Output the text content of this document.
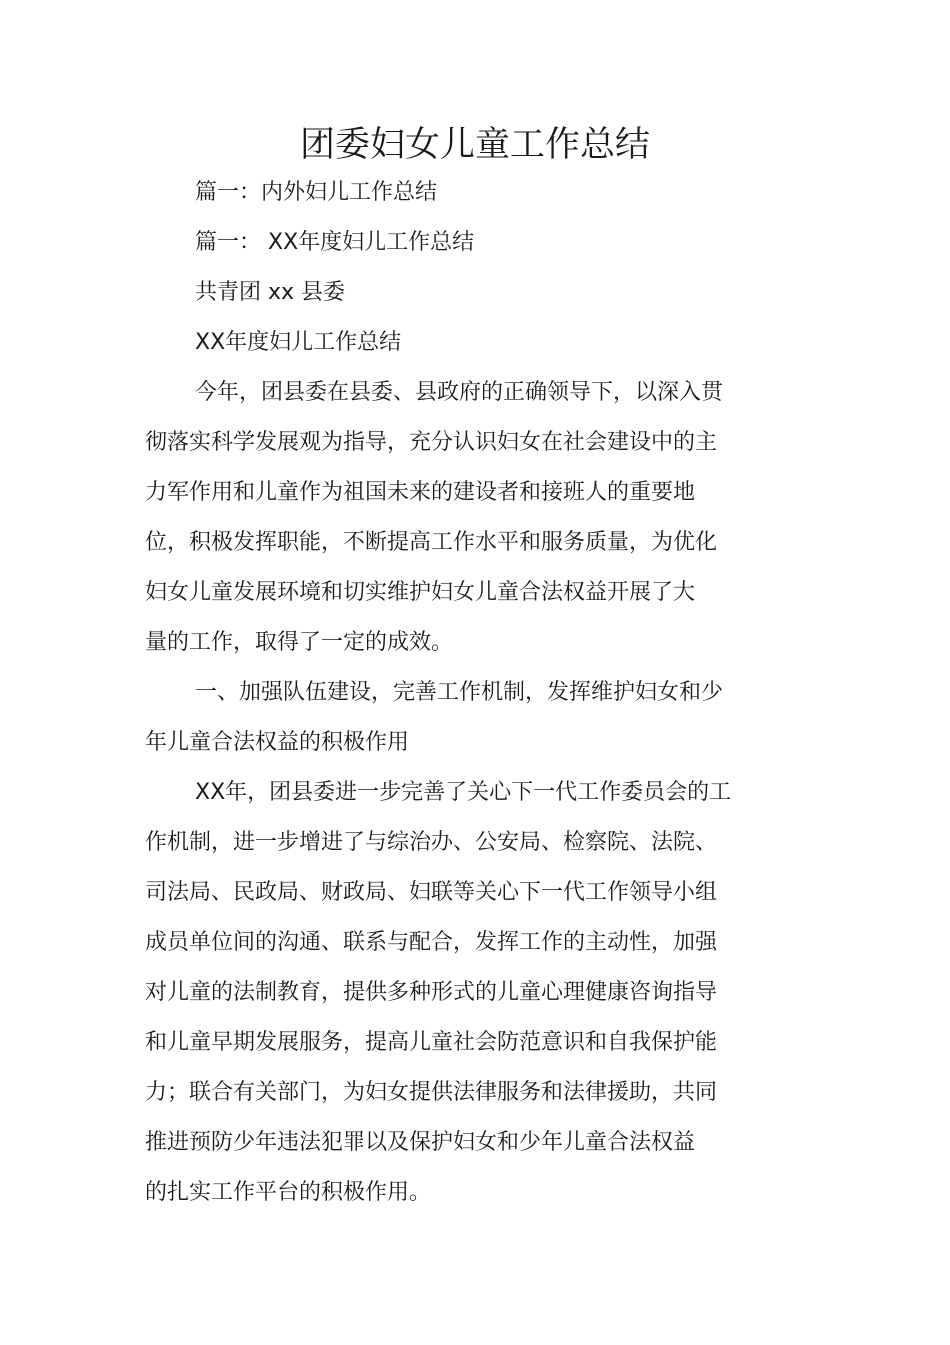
团委妇女儿童工作总结
篇一：内外妇儿工作总结
篇一： XX年度妇儿工作总结
共青团 xx 县委
XX年度妇儿工作总结
今年，团县委在县委、县政府的正确领导下，以深入贯
彻落实科学发展观为指导，充分认识妇女在社会建设中的主
力军作用和儿童作为祖国未来的建设者和接班人的重要地
位，积极发挥职能，不断提高工作水平和服务质量，为优化
妇女儿童发展环境和切实维护妇女儿童合法权益开展了大
量的工作，取得了一定的成效。
一、加强队伍建设，完善工作机制，发挥维护妇女和少
年儿童合法权益的积极作用
XX年，团县委进一步完善了关心下一代工作委员会的工
作机制，进一步增进了与综治办、公安局、检察院、法院、
司法局、民政局、财政局、妇联等关心下一代工作领导小组
成员单位间的沟通、联系与配合，发挥工作的主动性，加强
对儿童的法制教育，提供多种形式的儿童心理健康咨询指导
和儿童早期发展服务，提高儿童社会防范意识和自我保护能
力；联合有关部门，为妇女提供法律服务和法律援助，共同
推进预防少年违法犯罪以及保护妇女和少年儿童合法权益
的扎实工作平台的积极作用。
